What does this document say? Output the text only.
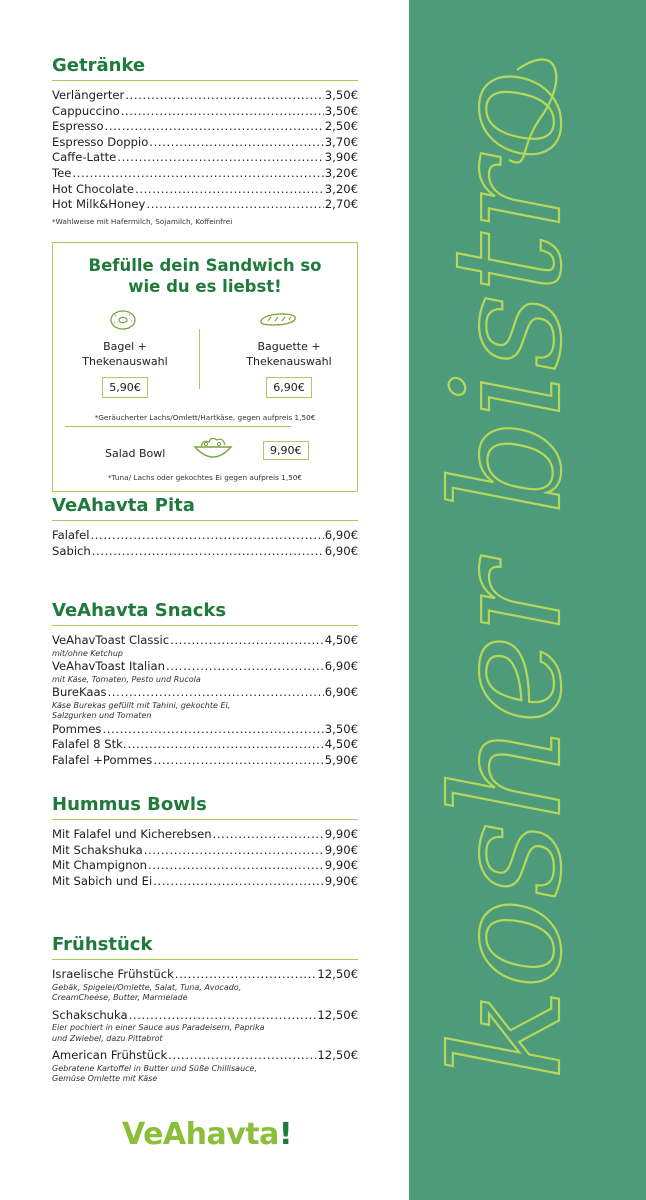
kosher bistro
Getränke
Verlängerter .....	3,50€
Cappuccino .....	3,50€
Espresso .....	2,50€
Espresso Doppio .....	3,70€
Caffe-Latte .....	3,90€
Tee .....	3,20€
Hot Chocolate .....	3,20€
Hot Milk&Honey .....	2,70€
*Wahlweise mit Hafermilch, Sojamilch, Koffeinfrei
Befülle dein Sandwich so wie du es liebst!
Bagel + Thekenauswahl
5,90€
Baguette + Thekenauswahl
6,90€
*Geräucherter Lachs/Omlett/Hartkäse, gegen aufpreis 1,50€
Salad Bowl	9,90€
*Tuna/ Lachs oder gekochtes Ei gegen aufpreis 1,50€
VeAhavta Pita
Falafel .....	6,90€
Sabich .....	6,90€
VeAhavta Snacks
VeAhavToast Classic .....	4,50€
mit/ohne Ketchup
VeAhavToast Italian .....	6,90€
mit Käse, Tomaten, Pesto und Rucola
BureKaas .....	6,90€
Käse Burekas gefüllt mit Tahini, gekochte Ei, Salzgurken und Tomaten
Pommes .....	3,50€
Falafel 8 Stk. .....	4,50€
Falafel +Pommes .....	5,90€
Hummus Bowls
Mit Falafel und Kicherebsen .....	9,90€
Mit Schakshuka .....	9,90€
Mit Champignon .....	9,90€
Mit Sabich und Ei .....	9,90€
Frühstück
Israelische Frühstück .....	12,50€
Gebäk, Spigelei/Omlette, Salat, Tuna, Avocado, CreamCheese, Butter, Marmelade
Schakschuka .....	12,50€
Eier pochiert in einer Sauce aus Paradeisern, Paprika und Zwiebel, dazu Pittabrot
American Frühstück .....	12,50€
Gebratene Kartoffel in Butter und Süße Chillisauce, Gemüse Omlette mit Käse
VeAhavta!
